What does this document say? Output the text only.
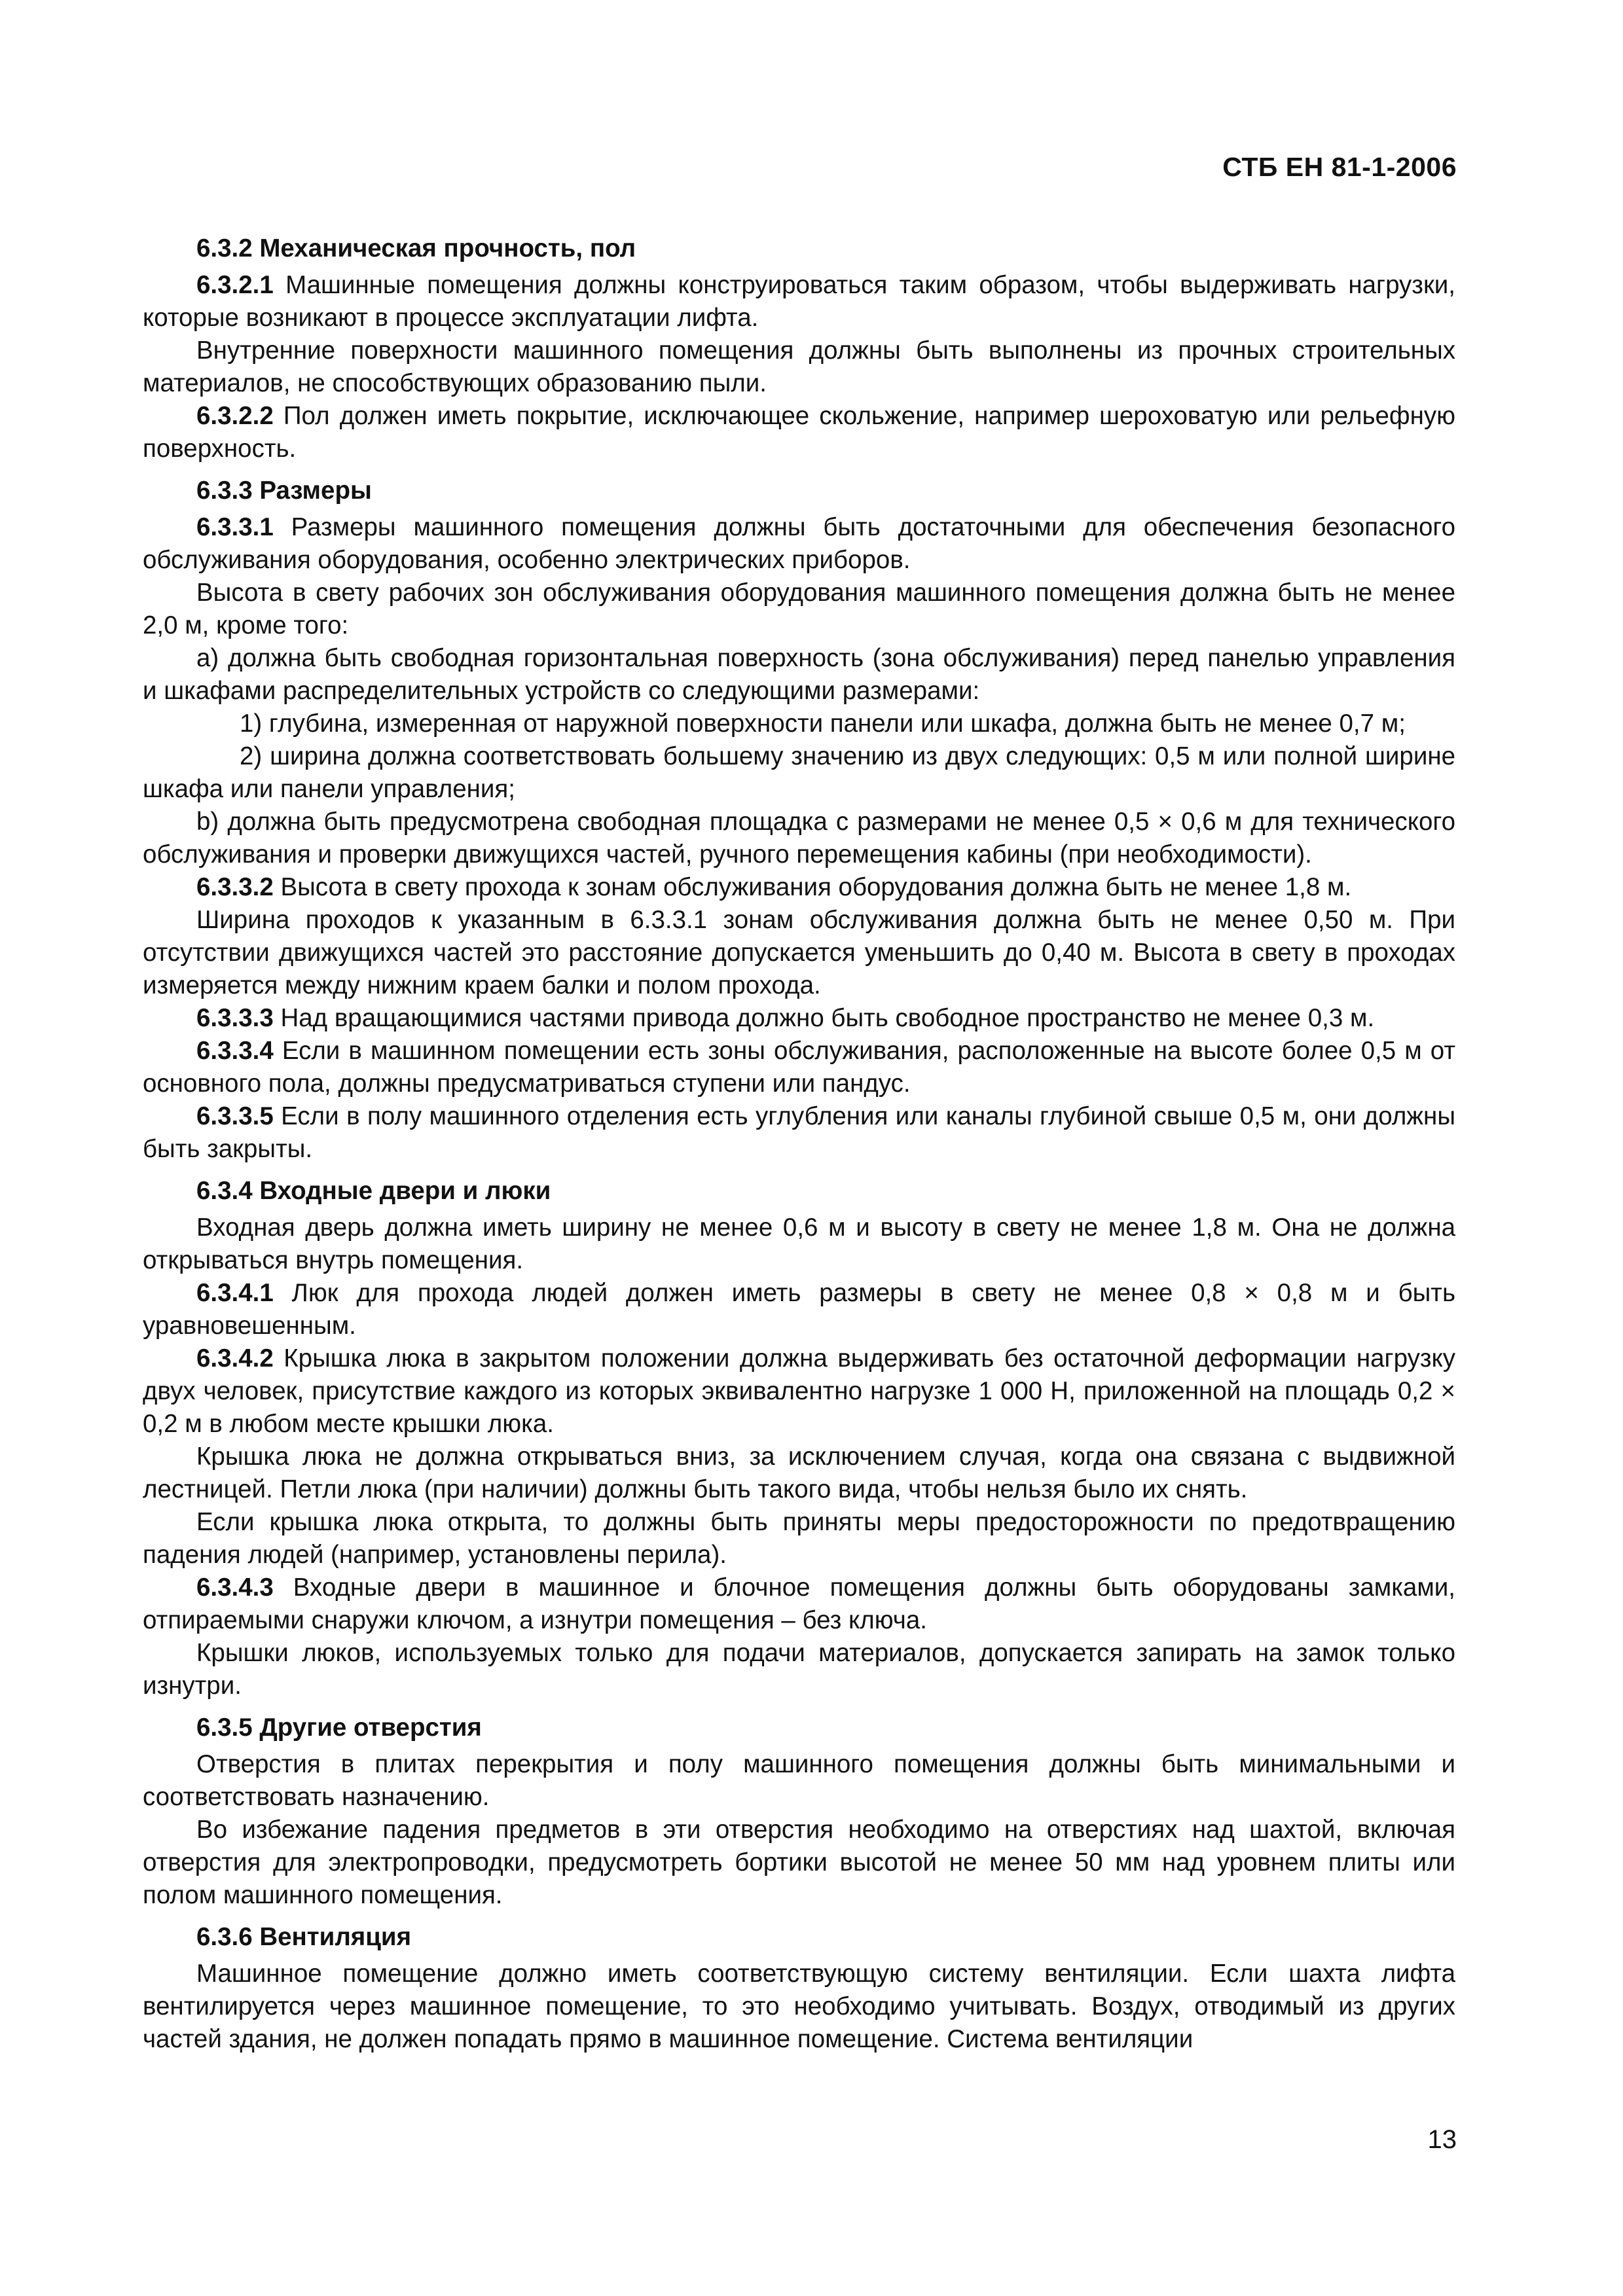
СТБ ЕН 81-1-2006
6.3.2 Механическая прочность, пол

6.3.2.1 Машинные помещения должны конструироваться таким образом, чтобы выдерживать нагрузки, которые возникают в процессе эксплуатации лифта.

Внутренние поверхности машинного помещения должны быть выполнены из прочных строительных материалов, не способствующих образованию пыли.

6.3.2.2 Пол должен иметь покрытие, исключающее скольжение, например шероховатую или рельефную поверхность.

6.3.3 Размеры

6.3.3.1 Размеры машинного помещения должны быть достаточными для обеспечения безопасного обслуживания оборудования, особенно электрических приборов.

Высота в свету рабочих зон обслуживания оборудования машинного помещения должна быть не менее 2,0 м, кроме того:

а) должна быть свободная горизонтальная поверхность (зона обслуживания) перед панелью управления и шкафами распределительных устройств со следующими размерами:

1) глубина, измеренная от наружной поверхности панели или шкафа, должна быть не менее 0,7 м;

2) ширина должна соответствовать большему значению из двух следующих: 0,5 м или полной ширине шкафа или панели управления;

b) должна быть предусмотрена свободная площадка с размерами не менее 0,5 × 0,6 м для технического обслуживания и проверки движущихся частей, ручного перемещения кабины (при необходимости).

6.3.3.2 Высота в свету прохода к зонам обслуживания оборудования должна быть не менее 1,8 м.

Ширина проходов к указанным в 6.3.3.1 зонам обслуживания должна быть не менее 0,50 м. При отсутствии движущихся частей это расстояние допускается уменьшить до 0,40 м. Высота в свету в проходах измеряется между нижним краем балки и полом прохода.

6.3.3.3 Над вращающимися частями привода должно быть свободное пространство не менее 0,3 м.

6.3.3.4 Если в машинном помещении есть зоны обслуживания, расположенные на высоте более 0,5 м от основного пола, должны предусматриваться ступени или пандус.

6.3.3.5 Если в полу машинного отделения есть углубления или каналы глубиной свыше 0,5 м, они должны быть закрыты.

6.3.4 Входные двери и люки

Входная дверь должна иметь ширину не менее 0,6 м и высоту в свету не менее 1,8 м. Она не должна открываться внутрь помещения.

6.3.4.1 Люк для прохода людей должен иметь размеры в свету не менее 0,8 × 0,8 м и быть уравновешенным.

6.3.4.2 Крышка люка в закрытом положении должна выдерживать без остаточной деформации нагрузку двух человек, присутствие каждого из которых эквивалентно нагрузке 1 000 Н, приложенной на площадь 0,2 × 0,2 м в любом месте крышки люка.

Крышка люка не должна открываться вниз, за исключением случая, когда она связана с выдвижной лестницей. Петли люка (при наличии) должны быть такого вида, чтобы нельзя было их снять.

Если крышка люка открыта, то должны быть приняты меры предосторожности по предотвращению падения людей (например, установлены перила).

6.3.4.3 Входные двери в машинное и блочное помещения должны быть оборудованы замками, отпираемыми снаружи ключом, а изнутри помещения – без ключа.

Крышки люков, используемых только для подачи материалов, допускается запирать на замок только изнутри.

6.3.5 Другие отверстия

Отверстия в плитах перекрытия и полу машинного помещения должны быть минимальными и соответствовать назначению.

Во избежание падения предметов в эти отверстия необходимо на отверстиях над шахтой, включая отверстия для электропроводки, предусмотреть бортики высотой не менее 50 мм над уровнем плиты или полом машинного помещения.

6.3.6 Вентиляция

Машинное помещение должно иметь соответствующую систему вентиляции. Если шахта лифта вентилируется через машинное помещение, то это необходимо учитывать. Воздух, отводимый из других частей здания, не должен попадать прямо в машинное помещение. Система вентиляции

13
